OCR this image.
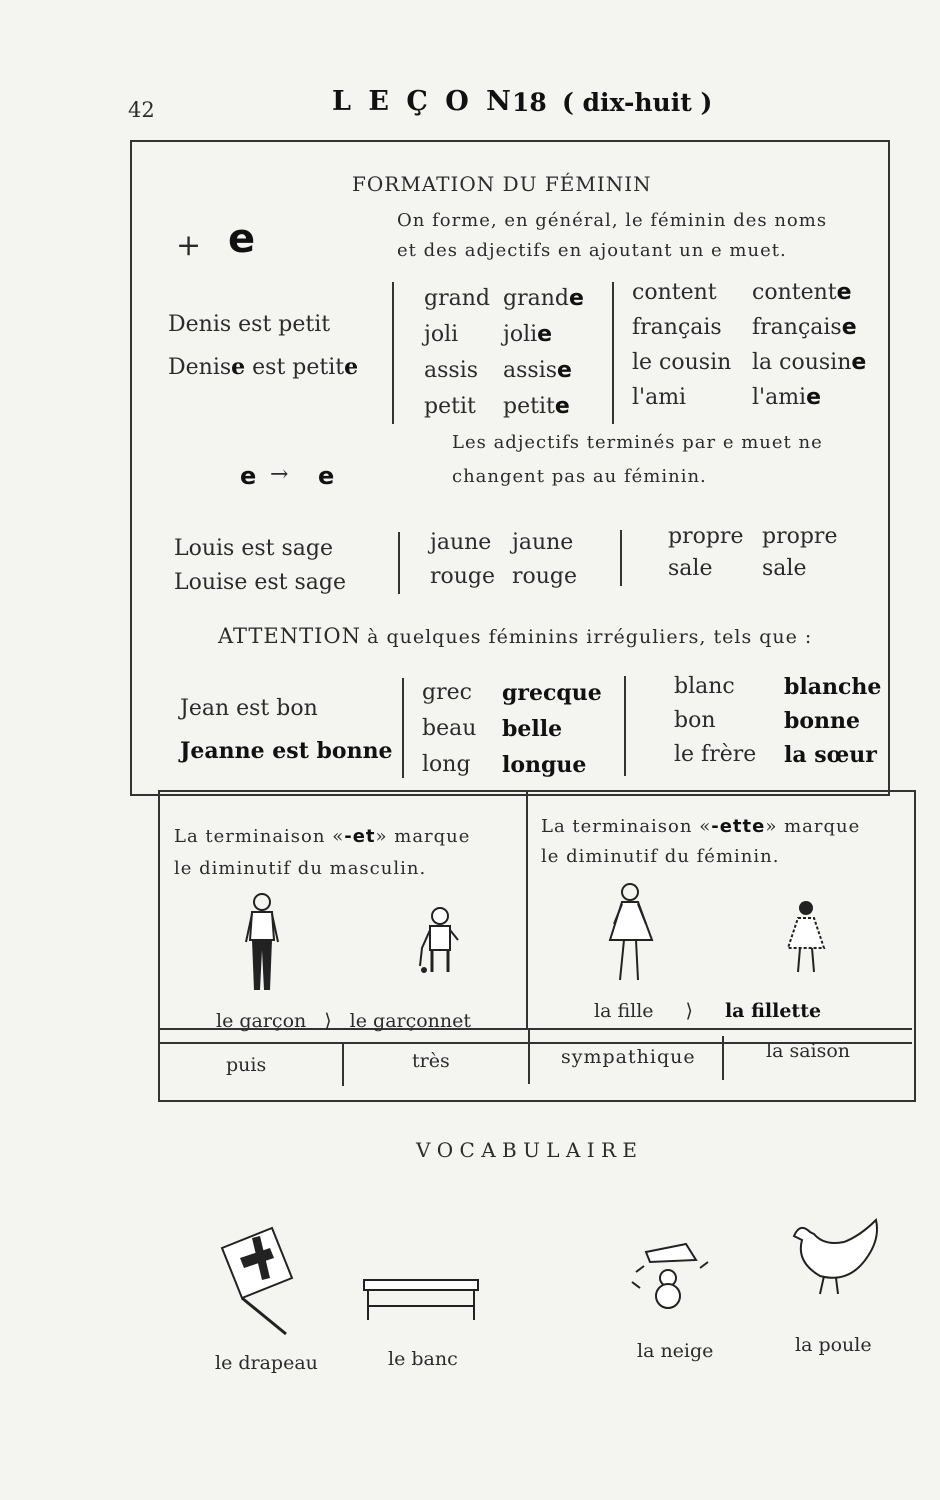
42	L E Ç O N
18 ( dix-huit )
FORMATION DU FÉMININ
+ e	On forme, en général, le féminin des noms
et des adjectifs en ajoutant un e muet.
Denis est petit
Denise est petite
grand grande
joli jolie
assis assise
petit petite
content contente
français française
le cousin la cousine
l'ami	l'amie
e → e
Les adjectifs terminés par e muet ne
changent pas au féminin.
Louis est sage
Louise est sage
jaune jaune
rouge rouge
propre propre
sale sale
ATTENTION à quelques féminins irréguliers, tels que :
Jean est bon
Jeanne est bonne
grec grecque
beau belle
long longue
blanc blanche
bon	bonne
le frère la sœur
La terminaison «-et» marque
le diminutif du masculin.
La terminaison «-ette» marque
le diminutif du féminin.
le garçon ⟩ le garçonnet	la fille ⟩ la fillette
puis	très	sympathique	la saison
V O C A B U L A I R E
le drapeau	le banc	la neige	la poule
